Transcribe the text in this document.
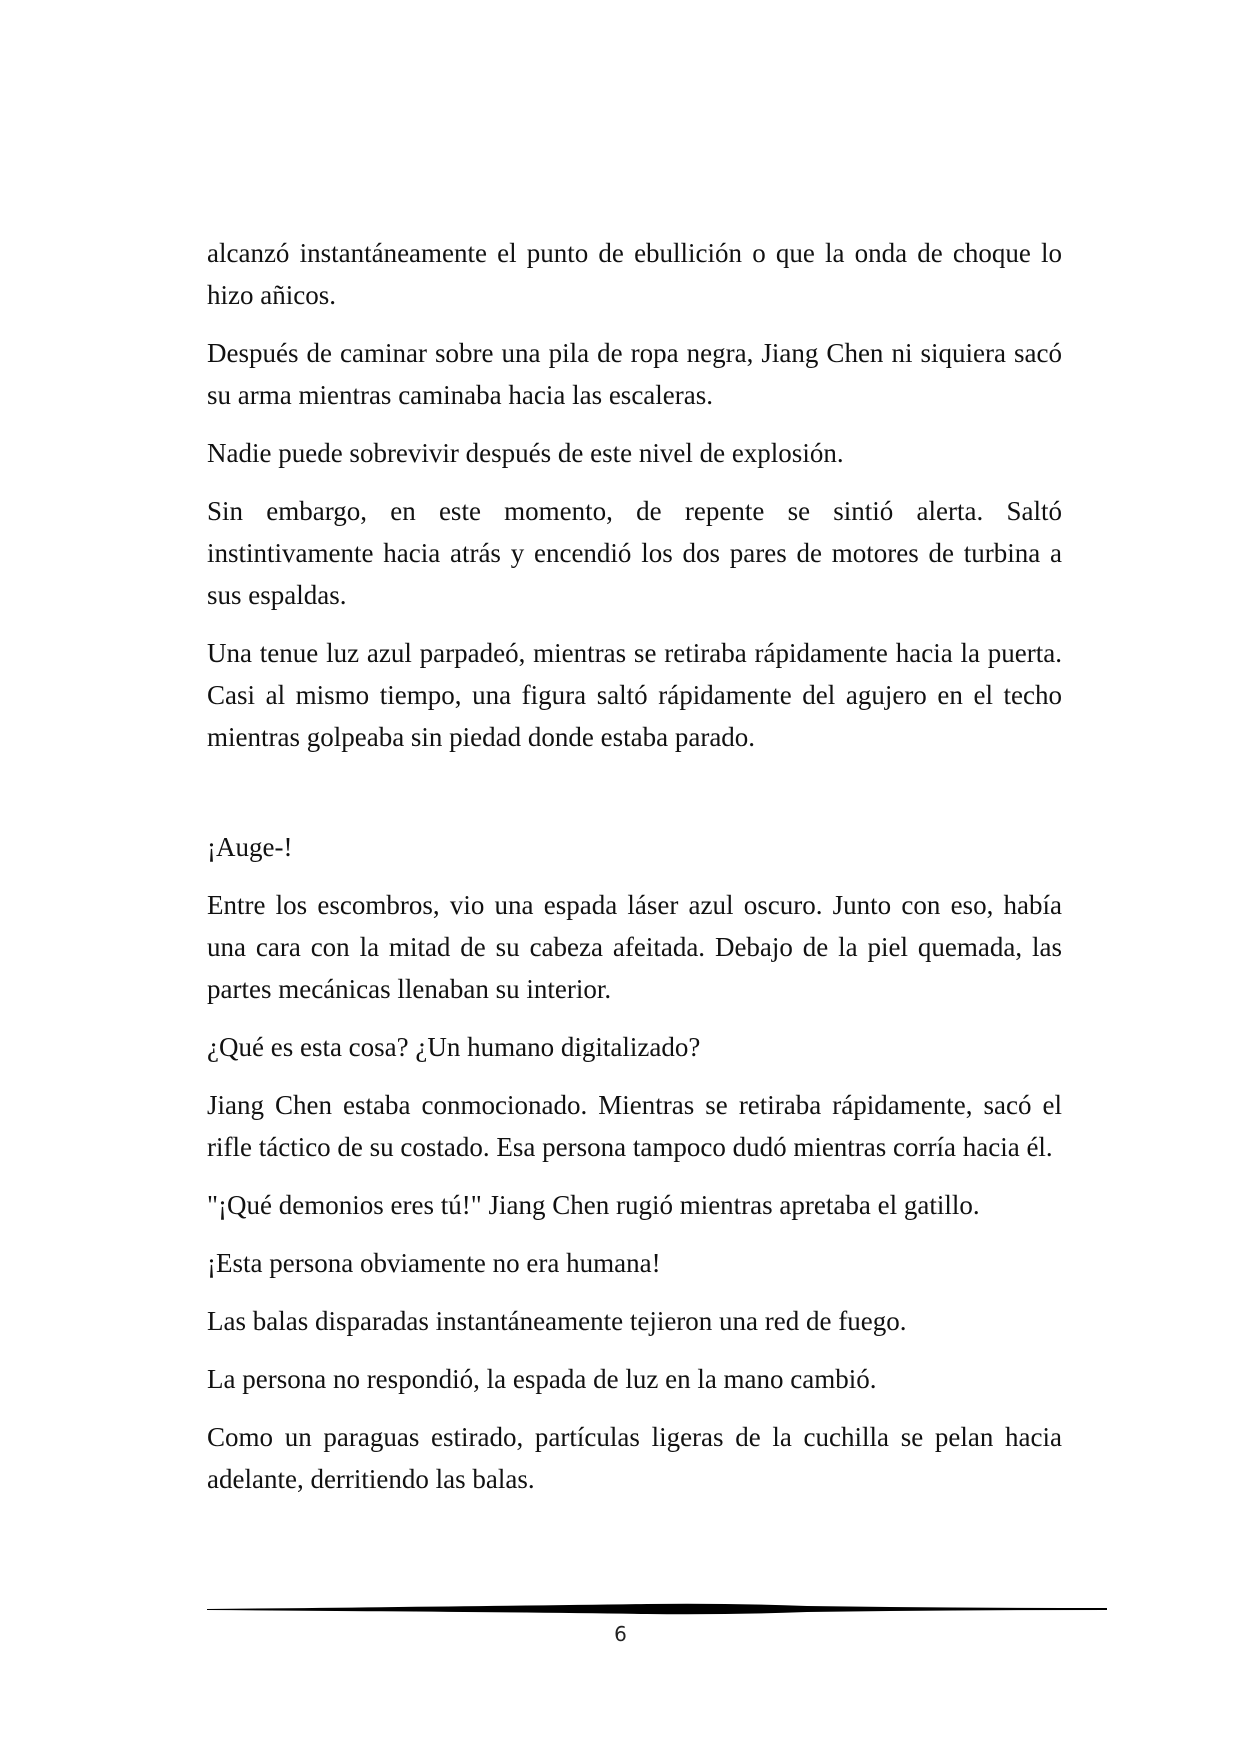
alcanzó instantáneamente el punto de ebullición o que la onda de choque lo hizo añicos.

Después de caminar sobre una pila de ropa negra, Jiang Chen ni siquiera sacó su arma mientras caminaba hacia las escaleras.

Nadie puede sobrevivir después de este nivel de explosión.

Sin embargo, en este momento, de repente se sintió alerta. Saltó instintivamente hacia atrás y encendió los dos pares de motores de turbina a sus espaldas.

Una tenue luz azul parpadeó, mientras se retiraba rápidamente hacia la puerta. Casi al mismo tiempo, una figura saltó rápidamente del agujero en el techo mientras golpeaba sin piedad donde estaba parado.

¡Auge-!

Entre los escombros, vio una espada láser azul oscuro. Junto con eso, había una cara con la mitad de su cabeza afeitada. Debajo de la piel quemada, las partes mecánicas llenaban su interior.

¿Qué es esta cosa? ¿Un humano digitalizado?

Jiang Chen estaba conmocionado. Mientras se retiraba rápidamente, sacó el rifle táctico de su costado. Esa persona tampoco dudó mientras corría hacia él.

"¡Qué demonios eres tú!" Jiang Chen rugió mientras apretaba el gatillo.

¡Esta persona obviamente no era humana!

Las balas disparadas instantáneamente tejieron una red de fuego.

La persona no respondió, la espada de luz en la mano cambió.

Como un paraguas estirado, partículas ligeras de la cuchilla se pelan hacia adelante, derritiendo las balas.

6
